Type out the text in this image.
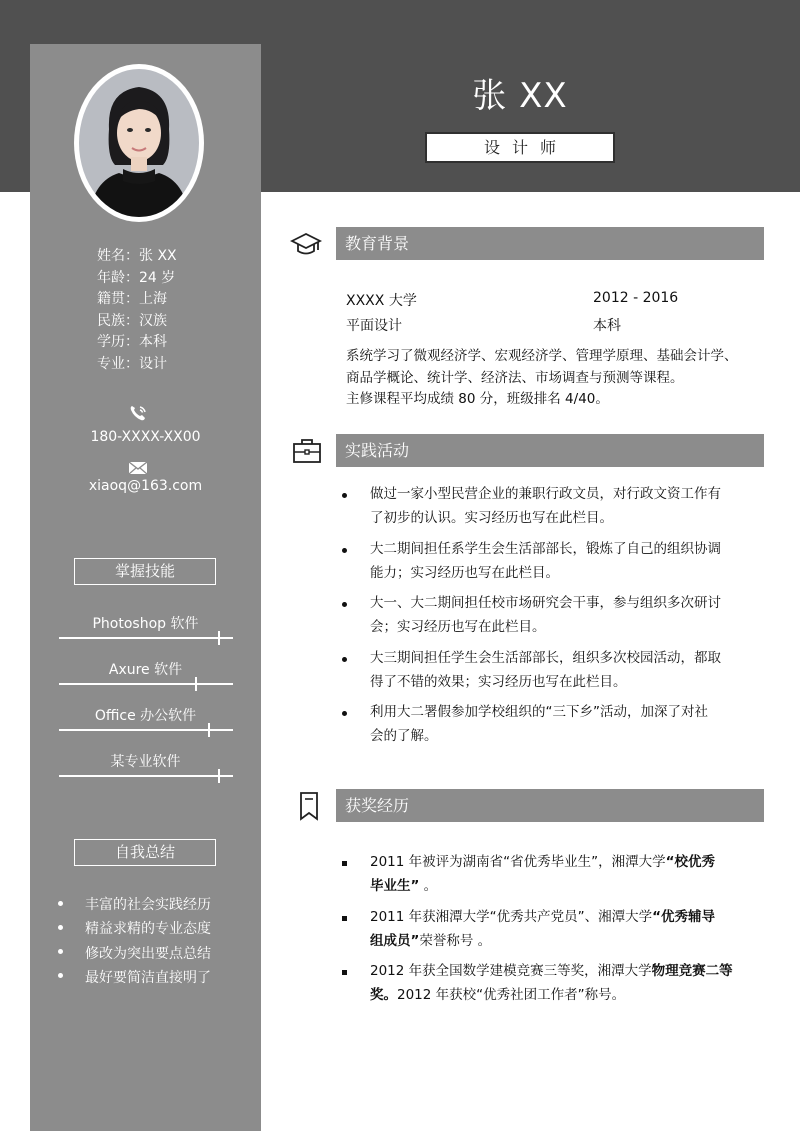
张 XX
设计师
姓名：张 XX
年龄：24 岁
籍贯：上海
民族：汉族
学历：本科
专业：设计
180-XXXX-XX00
xiaoq@163.com
掌握技能
Photoshop 软件
Axure 软件
Office 办公软件
某专业软件
自我总结
丰富的社会实践经历
精益求精的专业态度
修改为突出要点总结
最好要简洁直接明了
教育背景
XXXX 大学	2012 - 2016
平面设计	本科
系统学习了微观经济学、宏观经济学、管理学原理、基础会计学、
商品学概论、统计学、经济法、市场调查与预测等课程。
主修课程平均成绩 80 分，班级排名 4/40。
实践活动
做过一家小型民营企业的兼职行政文员，对行政文资工作有
了初步的认识。实习经历也写在此栏目。
大二期间担任系学生会生活部部长，锻炼了自己的组织协调
能力；实习经历也写在此栏目。
大一、大二期间担任校市场研究会干事，参与组织多次研讨
会；实习经历也写在此栏目。
大三期间担任学生会生活部部长，组织多次校园活动，都取
得了不错的效果；实习经历也写在此栏目。
利用大二署假参加学校组织的“三下乡”活动，加深了对社
会的了解。
获奖经历
2011 年被评为湖南省“省优秀毕业生”，湘潭大学“校优秀
毕业生” 。
2011 年获湘潭大学“优秀共产党员”、湘潭大学“优秀辅导
组成员”荣誉称号 。
2012 年获全国数学建模竞赛三等奖，湘潭大学物理竞赛二等
奖。2012 年获校“优秀社团工作者”称号。
